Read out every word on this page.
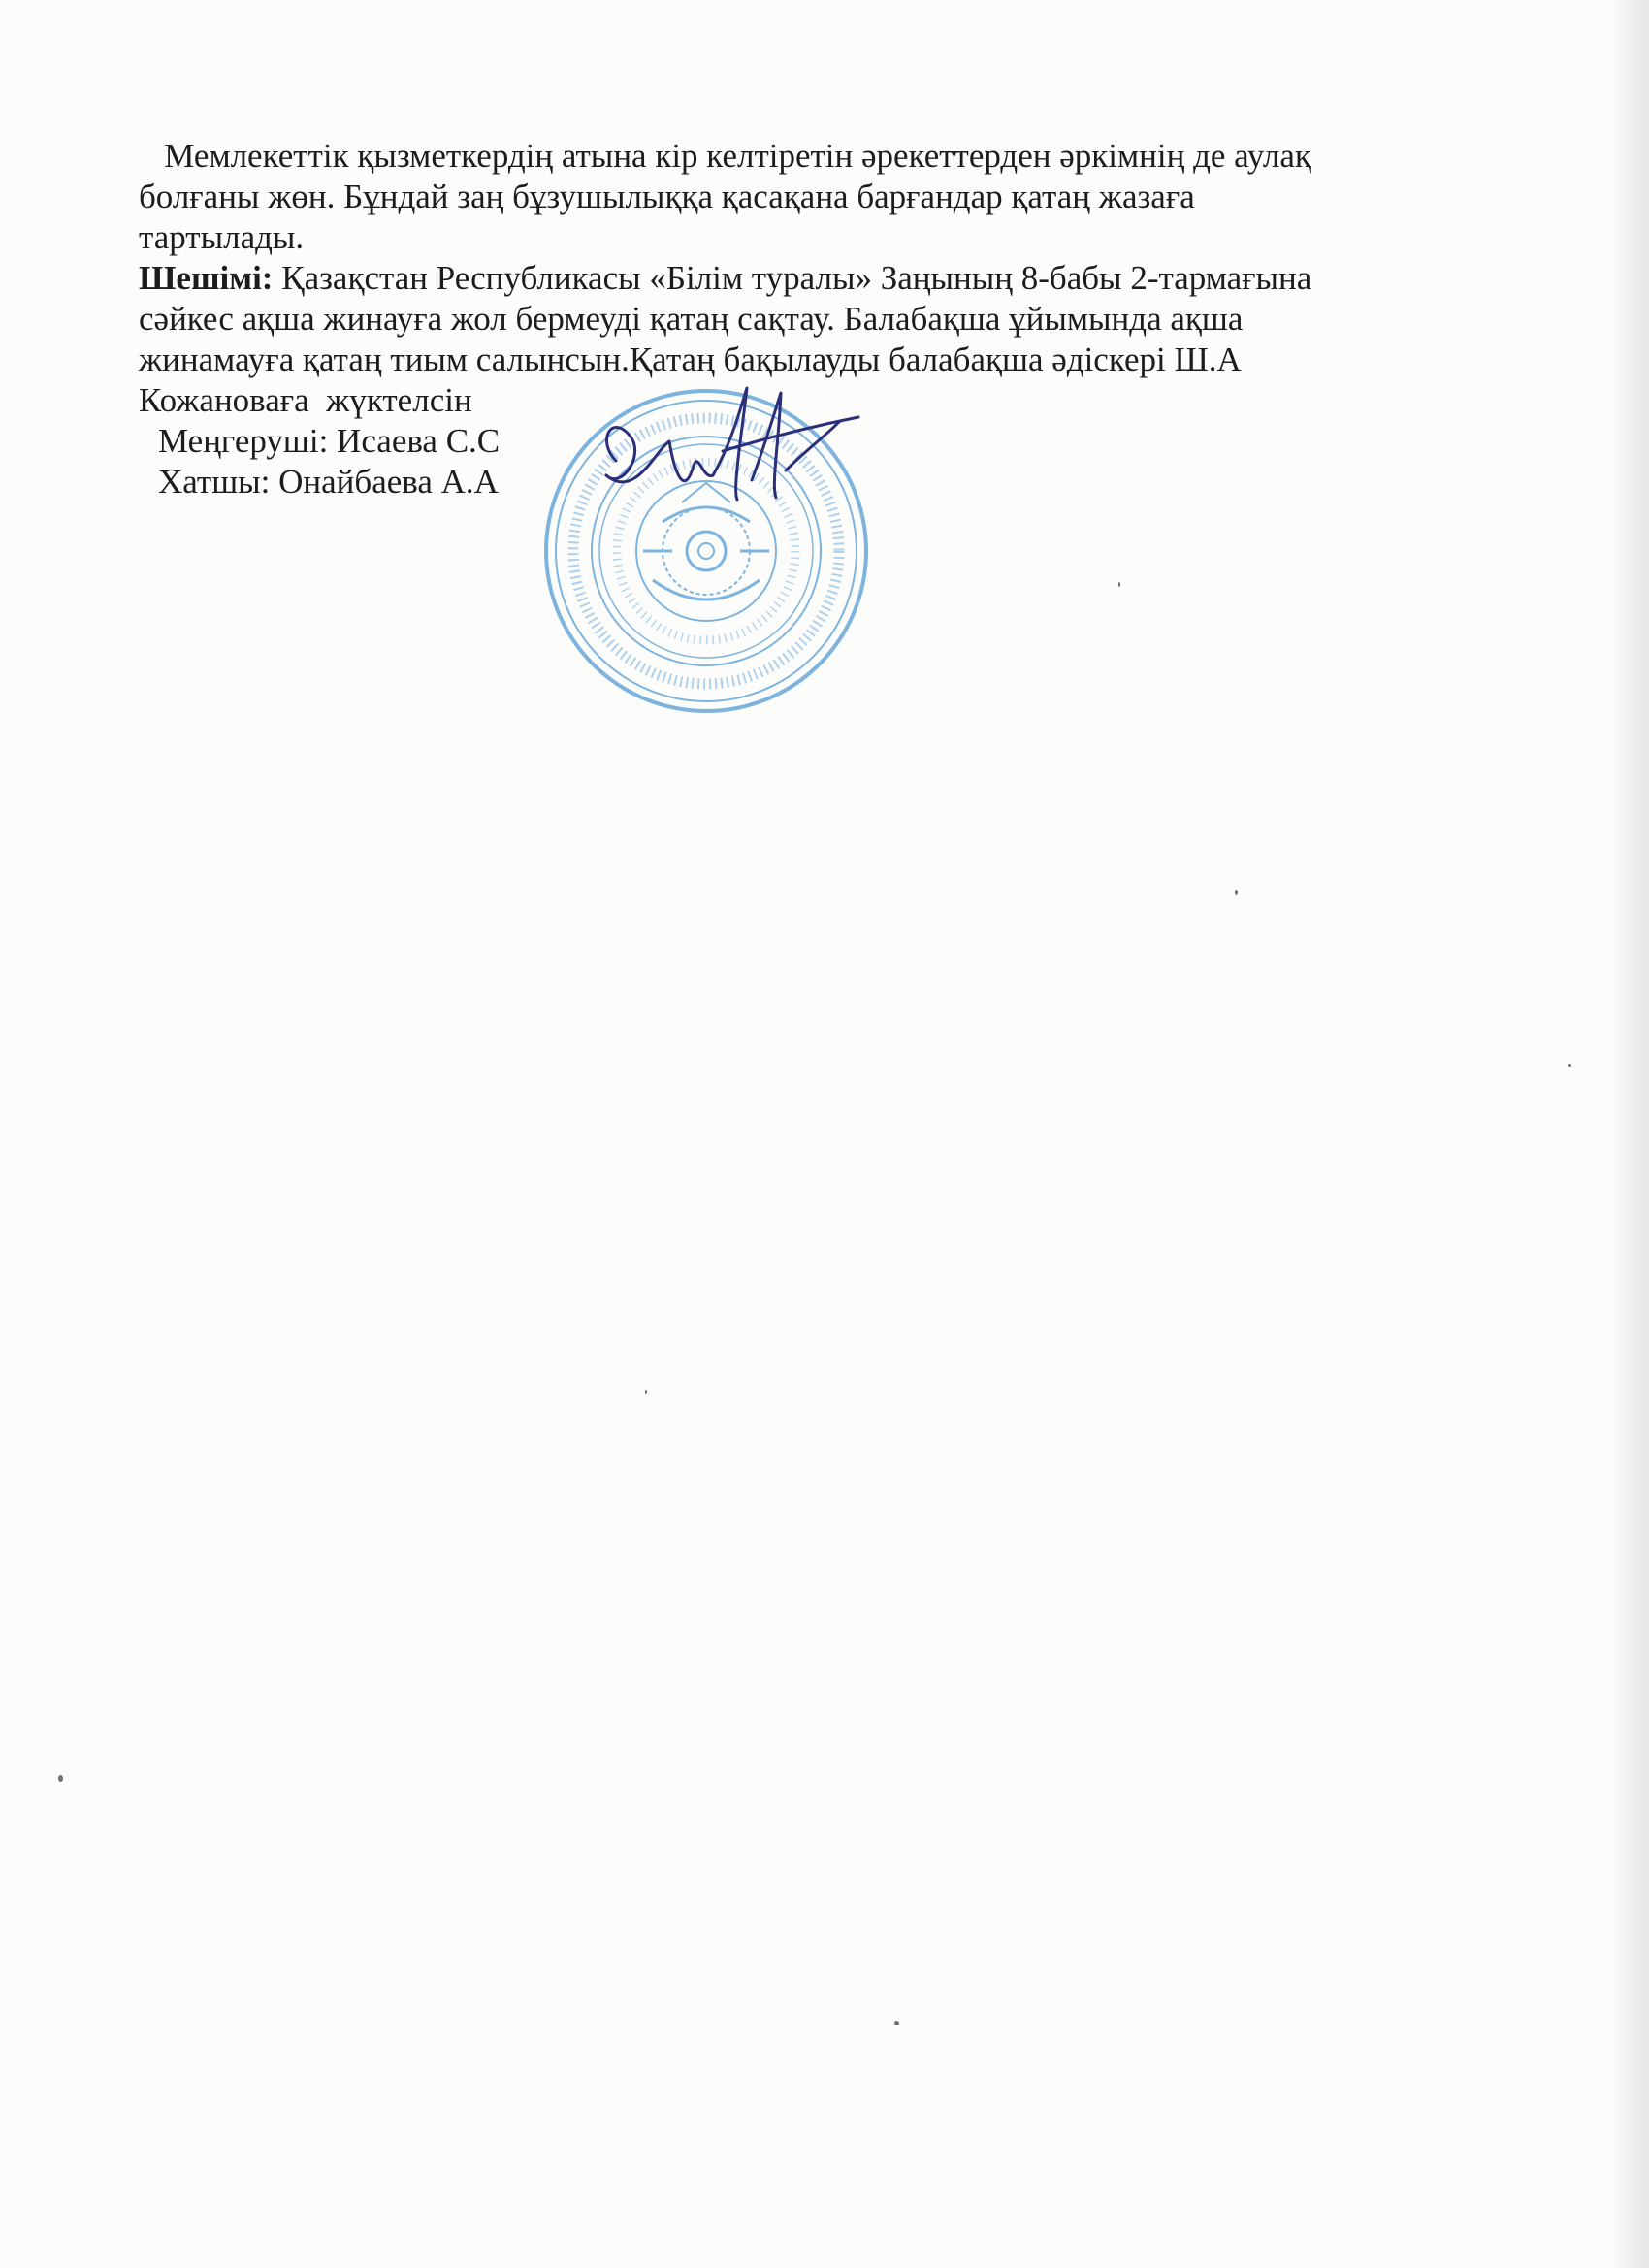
Мемлекеттік қызметкердің атына кір келтіретін әрекеттерден әркімнің де аулақ
болғаны жөн. Бұндай заң бұзушылыққа қасақана барғандар қатаң жазаға
тартылады.
Шешімі: Қазақстан Республикасы «Білім туралы» Заңының 8-бабы 2-тармағына
сәйкес ақша жинауға жол бермеуді қатаң сақтау. Балабақша ұйымында ақша
жинамауға қатаң тиым салынсын.Қатаң бақылауды балабақша әдіскері Ш.А
Кожановаға  жүктелсін
Меңгеруші: Исаева С.С
Хатшы: Онайбаева А.А
